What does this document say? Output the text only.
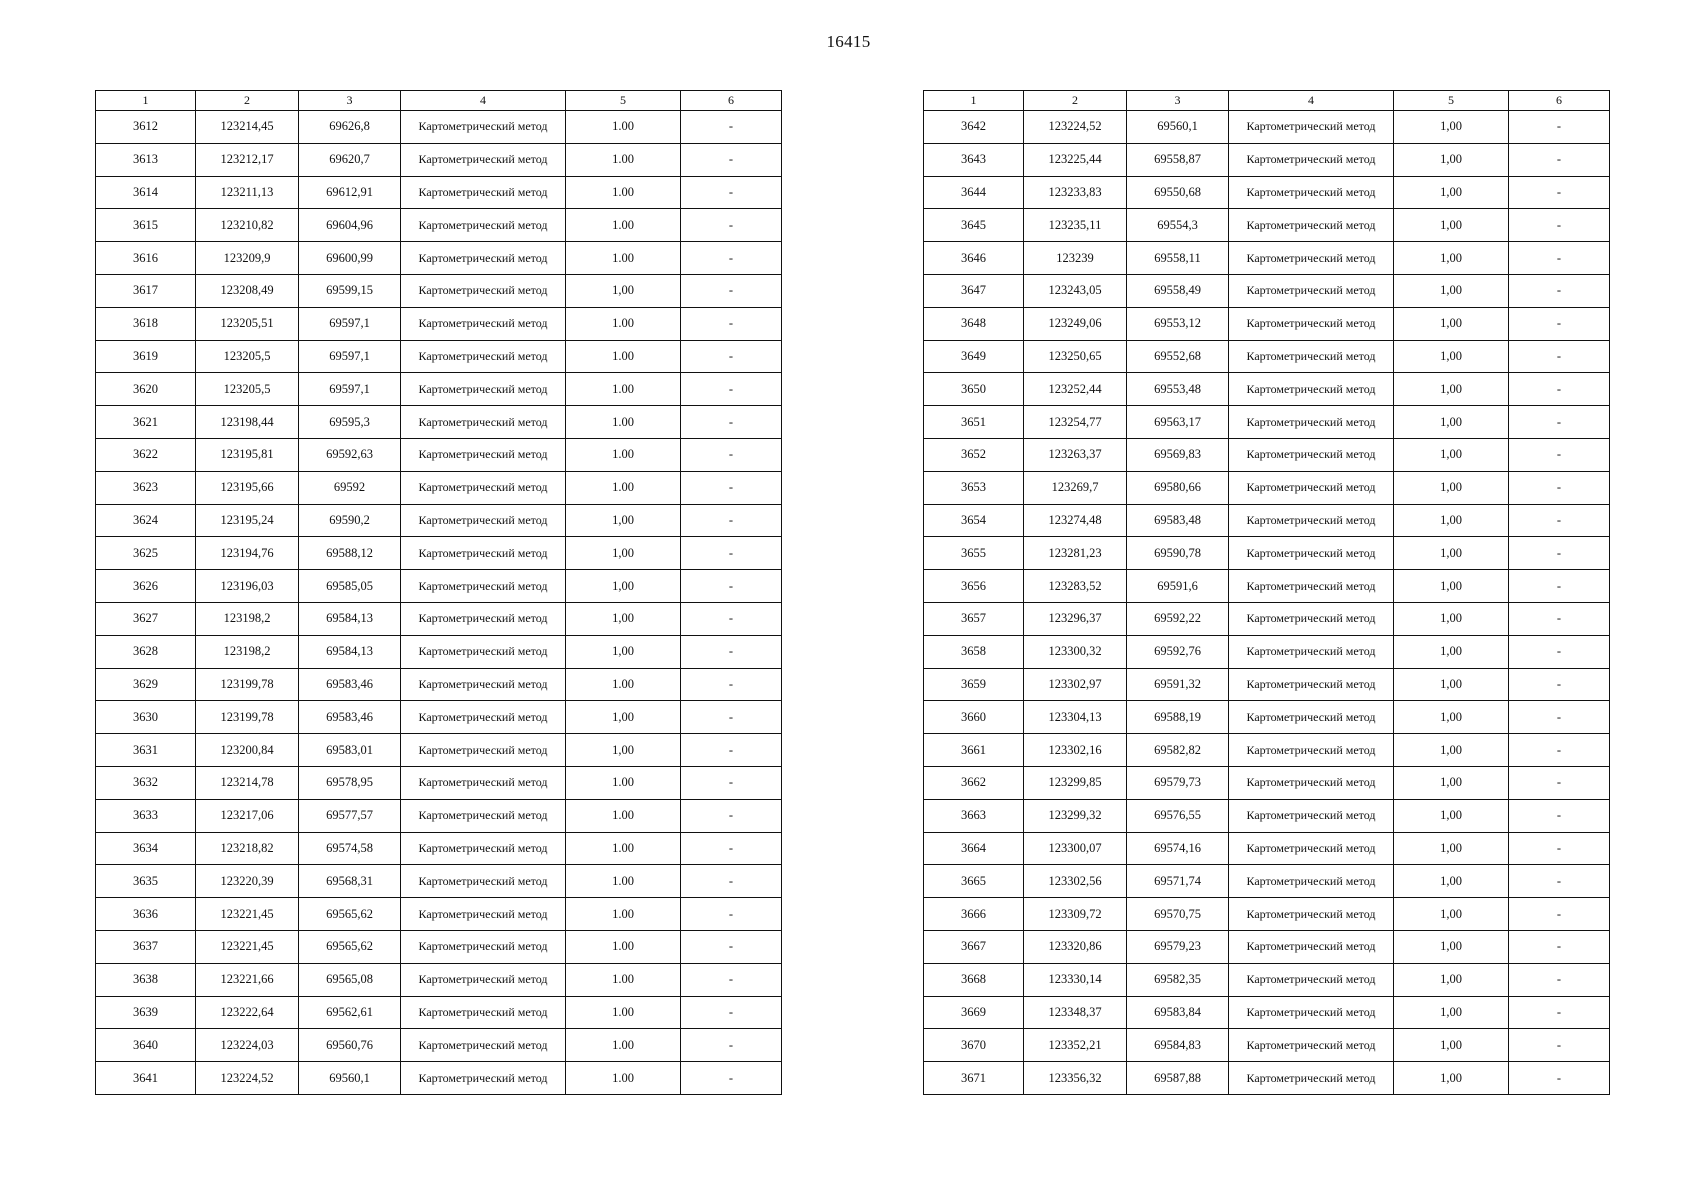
16415
1	2	3	4	5	6
3612	123214,45	69626,8	Картометрический метод	1.00	-
3613	123212,17	69620,7	Картометрический метод	1.00	-
3614	123211,13	69612,91	Картометрический метод	1.00	-
3615	123210,82	69604,96	Картометрический метод	1.00	-
3616	123209,9	69600,99	Картометрический метод	1.00	-
3617	123208,49	69599,15	Картометрический метод	1,00	-
3618	123205,51	69597,1	Картометрический метод	1.00	-
3619	123205,5	69597,1	Картометрический метод	1.00	-
3620	123205,5	69597,1	Картометрический метод	1.00	-
3621	123198,44	69595,3	Картометрический метод	1.00	-
3622	123195,81	69592,63	Картометрический метод	1.00	-
3623	123195,66	69592	Картометрический метод	1.00	-
3624	123195,24	69590,2	Картометрический метод	1,00	-
3625	123194,76	69588,12	Картометрический метод	1,00	-
3626	123196,03	69585,05	Картометрический метод	1,00	-
3627	123198,2	69584,13	Картометрический метод	1,00	-
3628	123198,2	69584,13	Картометрический метод	1,00	-
3629	123199,78	69583,46	Картометрический метод	1.00	-
3630	123199,78	69583,46	Картометрический метод	1,00	-
3631	123200,84	69583,01	Картометрический метод	1,00	-
3632	123214,78	69578,95	Картометрический метод	1.00	-
3633	123217,06	69577,57	Картометрический метод	1.00	-
3634	123218,82	69574,58	Картометрический метод	1.00	-
3635	123220,39	69568,31	Картометрический метод	1.00	-
3636	123221,45	69565,62	Картометрический метод	1.00	-
3637	123221,45	69565,62	Картометрический метод	1.00	-
3638	123221,66	69565,08	Картометрический метод	1.00	-
3639	123222,64	69562,61	Картометрический метод	1.00	-
3640	123224,03	69560,76	Картометрический метод	1.00	-
3641	123224,52	69560,1	Картометрический метод	1.00	-
1	2	3	4	5	6
3642	123224,52	69560,1	Картометрический метод	1,00	-
3643	123225,44	69558,87	Картометрический метод	1,00	-
3644	123233,83	69550,68	Картометрический метод	1,00	-
3645	123235,11	69554,3	Картометрический метод	1,00	-
3646	123239	69558,11	Картометрический метод	1,00	-
3647	123243,05	69558,49	Картометрический метод	1,00	-
3648	123249,06	69553,12	Картометрический метод	1,00	-
3649	123250,65	69552,68	Картометрический метод	1,00	-
3650	123252,44	69553,48	Картометрический метод	1,00	-
3651	123254,77	69563,17	Картометрический метод	1,00	-
3652	123263,37	69569,83	Картометрический метод	1,00	-
3653	123269,7	69580,66	Картометрический метод	1,00	-
3654	123274,48	69583,48	Картометрический метод	1,00	-
3655	123281,23	69590,78	Картометрический метод	1,00	-
3656	123283,52	69591,6	Картометрический метод	1,00	-
3657	123296,37	69592,22	Картометрический метод	1,00	-
3658	123300,32	69592,76	Картометрический метод	1,00	-
3659	123302,97	69591,32	Картометрический метод	1,00	-
3660	123304,13	69588,19	Картометрический метод	1,00	-
3661	123302,16	69582,82	Картометрический метод	1,00	-
3662	123299,85	69579,73	Картометрический метод	1,00	-
3663	123299,32	69576,55	Картометрический метод	1,00	-
3664	123300,07	69574,16	Картометрический метод	1,00	-
3665	123302,56	69571,74	Картометрический метод	1,00	-
3666	123309,72	69570,75	Картометрический метод	1,00	-
3667	123320,86	69579,23	Картометрический метод	1,00	-
3668	123330,14	69582,35	Картометрический метод	1,00	-
3669	123348,37	69583,84	Картометрический метод	1,00	-
3670	123352,21	69584,83	Картометрический метод	1,00	-
3671	123356,32	69587,88	Картометрический метод	1,00	-
